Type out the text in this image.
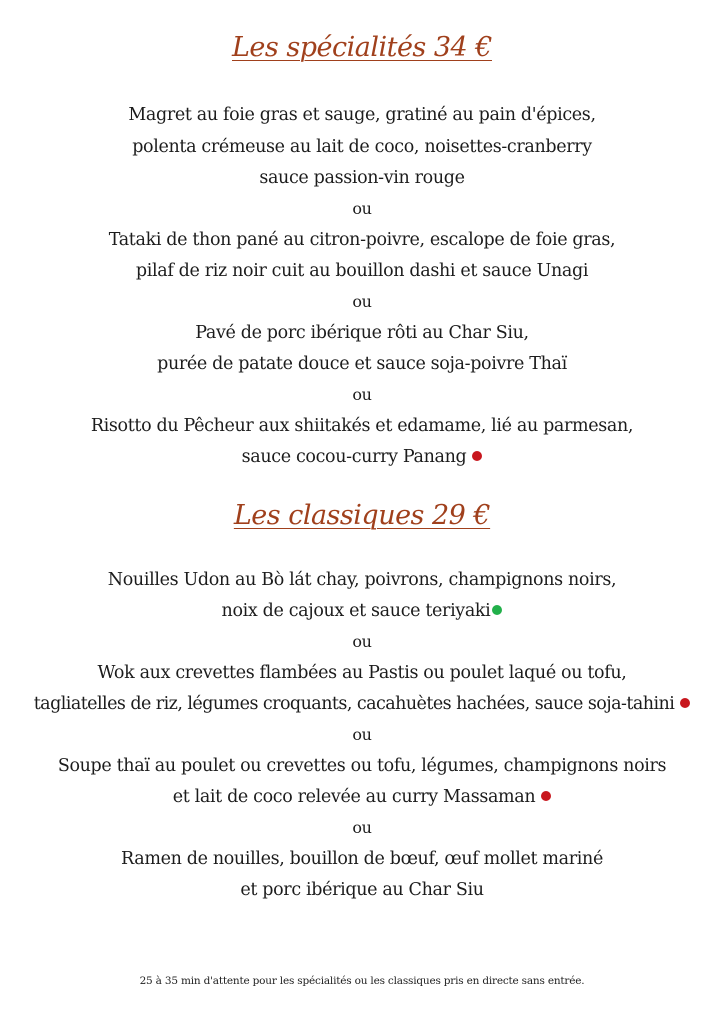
Les spécialités 34 €
Magret au foie gras et sauge, gratiné au pain d'épices,
polenta crémeuse au lait de coco, noisettes-cranberry
sauce passion-vin rouge
ou
Tataki de thon pané au citron-poivre, escalope de foie gras,
pilaf de riz noir cuit au bouillon dashi et sauce Unagi
ou
Pavé de porc ibérique rôti au Char Siu,
purée de patate douce et sauce soja-poivre Thaï
ou
Risotto du Pêcheur aux shiitakés et edamame, lié au parmesan,
sauce cocou-curry Panang
Les classiques 29 €
Nouilles Udon au Bò lát chay, poivrons, champignons noirs,
noix de cajoux et sauce teriyaki
ou
Wok aux crevettes flambées au Pastis ou poulet laqué ou tofu,
tagliatelles de riz, légumes croquants, cacahuètes hachées, sauce soja-tahini
ou
Soupe thaï au poulet ou crevettes ou tofu, légumes, champignons noirs
et lait de coco relevée au curry Massaman
ou
Ramen de nouilles, bouillon de bœuf, œuf mollet mariné
et porc ibérique au Char Siu
25 à 35 min d'attente pour les spécialités ou les classiques pris en directe sans entrée.
